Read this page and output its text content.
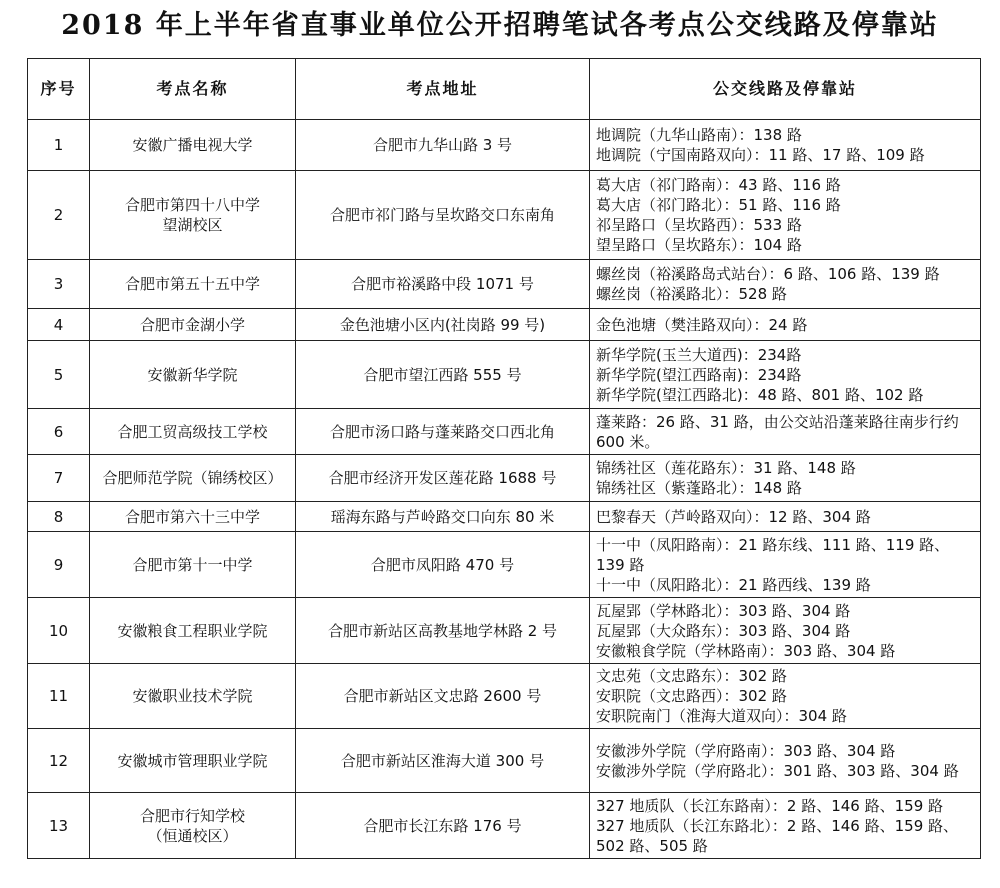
2018 年上半年省直事业单位公开招聘笔试各考点公交线路及停靠站
序号	考点名称	考点地址	公交线路及停靠站
1	安徽广播电视大学	合肥市九华山路 3 号	地调院（九华山路南）：138 路
地调院（宁国南路双向）：11 路、17 路、109 路

2	合肥市第四十八中学
望湖校区	合肥市祁门路与呈坎路交口东南角	葛大店（祁门路南）：43 路、116 路
葛大店（祁门路北）：51 路、116 路
祁呈路口（呈坎路西）：533 路
望呈路口（呈坎路东）：104 路

3	合肥市第五十五中学	合肥市裕溪路中段 1071 号	螺丝岗（裕溪路岛式站台）：6 路、106 路、139 路
螺丝岗（裕溪路北）：528 路

4	合肥市金湖小学	金色池塘小区内(社岗路 99 号)	金色池塘（樊洼路双向）：24 路

5	安徽新华学院	合肥市望江西路 555 号	新华学院(玉兰大道西)：234路
新华学院(望江西路南)：234路
新华学院(望江西路北)：48 路、801 路、102 路

6	合肥工贸高级技工学校	合肥市汤口路与蓬莱路交口西北角	蓬莱路：26 路、31 路，由公交站沿蓬莱路往南步行约 600 米。

7	合肥师范学院（锦绣校区）	合肥市经济开发区莲花路 1688 号	锦绣社区（莲花路东）：31 路、148 路
锦绣社区（紫蓬路北）：148 路

8	合肥市第六十三中学	瑶海东路与芦岭路交口向东 80 米	巴黎春天（芦岭路双向）：12 路、304 路

9	合肥市第十一中学	合肥市凤阳路 470 号	十一中（凤阳路南）：21 路东线、111 路、119 路、
139 路
十一中（凤阳路北）：21 路西线、139 路

10	安徽粮食工程职业学院	合肥市新站区高教基地学林路 2 号	瓦屋郢（学林路北）：303 路、304 路
瓦屋郢（大众路东）：303 路、304 路
安徽粮食学院（学林路南）：303 路、304 路

11	安徽职业技术学院	合肥市新站区文忠路 2600 号	文忠苑（文忠路东）：302 路
安职院（文忠路西）：302 路
安职院南门（淮海大道双向）：304 路

12	安徽城市管理职业学院	合肥市新站区淮海大道 300 号	安徽涉外学院（学府路南）：303 路、304 路
安徽涉外学院（学府路北）：301 路、303 路、304 路

13	合肥市行知学校
（恒通校区）	合肥市长江东路 176 号	327 地质队（长江东路南）：2 路、146 路、159 路
327 地质队（长江东路北）：2 路、146 路、159 路、
502 路、505 路
